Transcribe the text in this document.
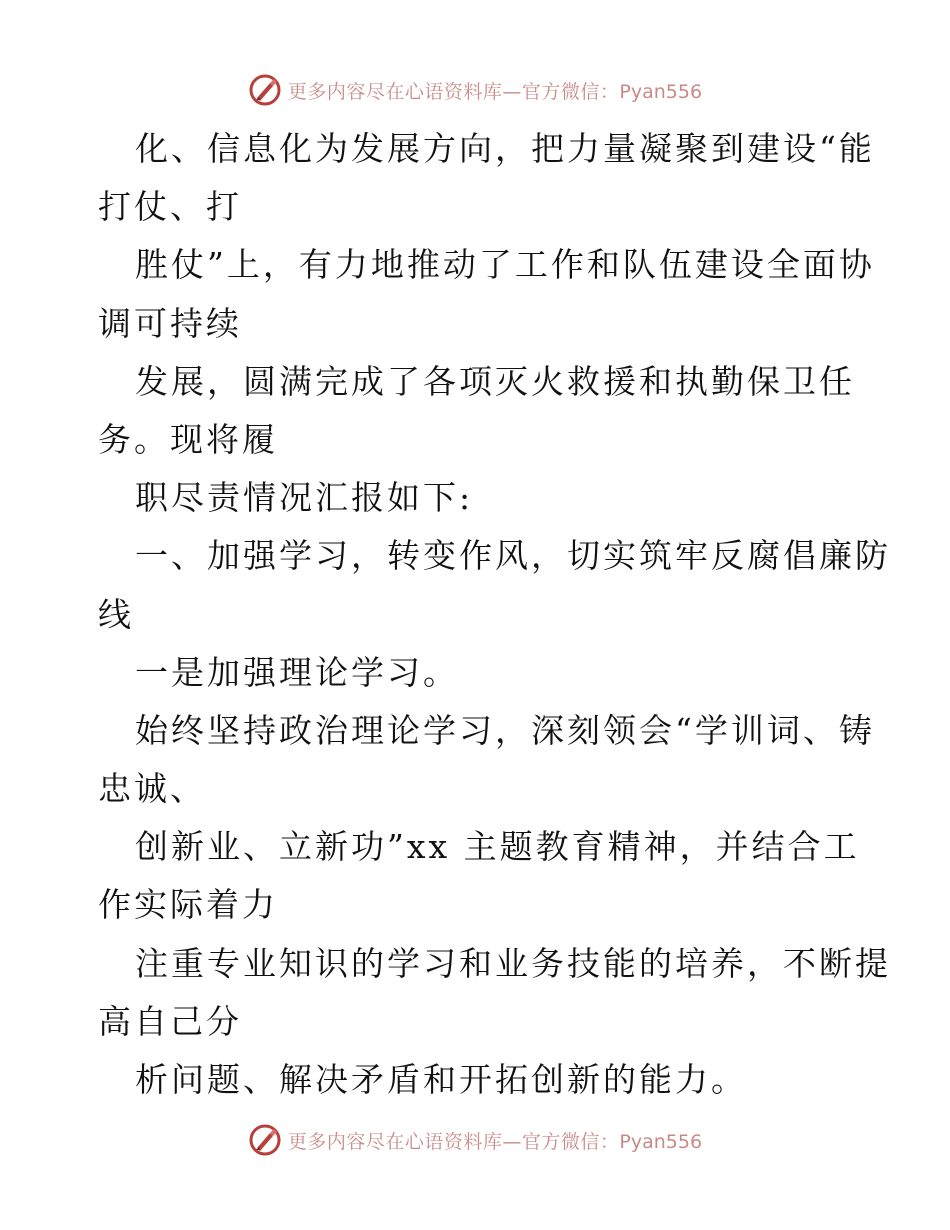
更多内容尽在心语资料库—官方微信：Pyan556
化、信息化为发展方向，把力量凝聚到建设“能
打仗、打
胜仗”上，有力地推动了工作和队伍建设全面协
调可持续
发展，圆满完成了各项灭火救援和执勤保卫任
务。现将履
职尽责情况汇报如下:
一、加强学习，转变作风，切实筑牢反腐倡廉防
线
一是加强理论学习。
始终坚持政治理论学习，深刻领会“学训词、铸
忠诚、
创新业、立新功”xx 主题教育精神，并结合工
作实际着力
注重专业知识的学习和业务技能的培养，不断提
高自己分
析问题、解决矛盾和开拓创新的能力。
更多内容尽在心语资料库—官方微信：Pyan556
